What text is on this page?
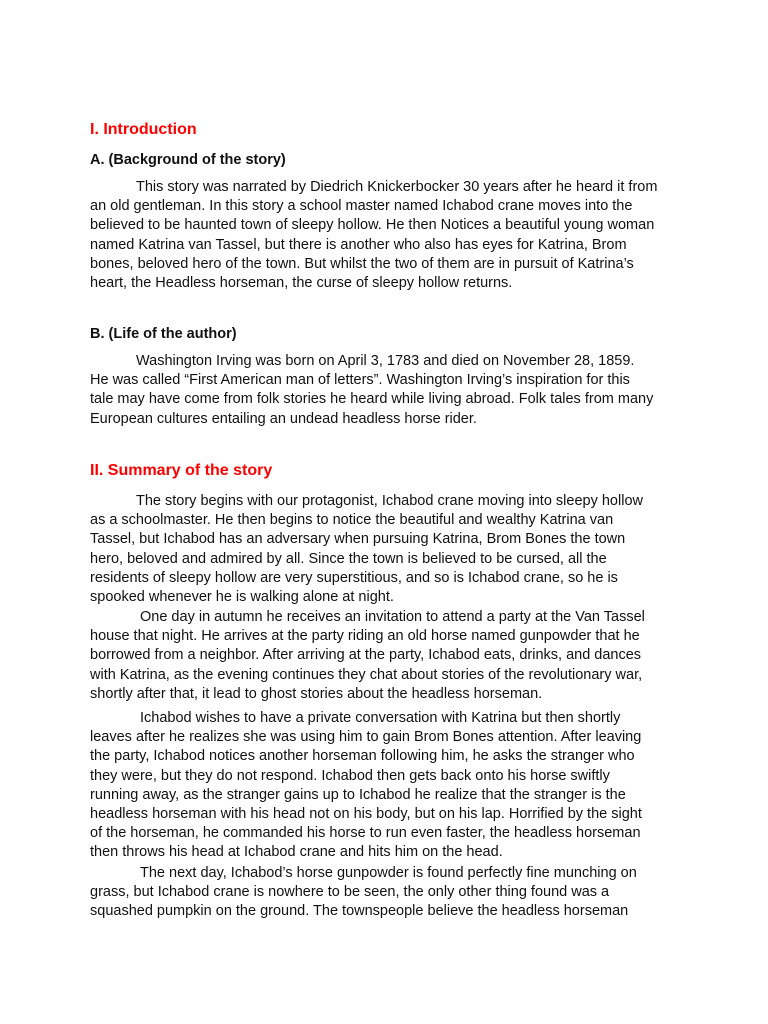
I. Introduction
A. (Background of the story)
This story was narrated by Diedrich Knickerbocker 30 years after he heard it from
an old gentleman. In this story a school master named Ichabod crane moves into the
believed to be haunted town of sleepy hollow. He then Notices a beautiful young woman
named Katrina van Tassel, but there is another who also has eyes for Katrina, Brom
bones, beloved hero of the town. But whilst the two of them are in pursuit of Katrina’s
heart, the Headless horseman, the curse of sleepy hollow returns.
B. (Life of the author)
Washington Irving was born on April 3, 1783 and died on November 28, 1859.
He was called “First American man of letters”. Washington Irving’s inspiration for this
tale may have come from folk stories he heard while living abroad. Folk tales from many
European cultures entailing an undead headless horse rider.
II. Summary of the story
The story begins with our protagonist, Ichabod crane moving into sleepy hollow
as a schoolmaster. He then begins to notice the beautiful and wealthy Katrina van
Tassel, but Ichabod has an adversary when pursuing Katrina, Brom Bones the town
hero, beloved and admired by all. Since the town is believed to be cursed, all the
residents of sleepy hollow are very superstitious, and so is Ichabod crane, so he is
spooked whenever he is walking alone at night.
One day in autumn he receives an invitation to attend a party at the Van Tassel
house that night. He arrives at the party riding an old horse named gunpowder that he
borrowed from a neighbor. After arriving at the party, Ichabod eats, drinks, and dances
with Katrina, as the evening continues they chat about stories of the revolutionary war,
shortly after that, it lead to ghost stories about the headless horseman.
Ichabod wishes to have a private conversation with Katrina but then shortly
leaves after he realizes she was using him to gain Brom Bones attention. After leaving
the party, Ichabod notices another horseman following him, he asks the stranger who
they were, but they do not respond. Ichabod then gets back onto his horse swiftly
running away, as the stranger gains up to Ichabod he realize that the stranger is the
headless horseman with his head not on his body, but on his lap. Horrified by the sight
of the horseman, he commanded his horse to run even faster, the headless horseman
then throws his head at Ichabod crane and hits him on the head.
The next day, Ichabod’s horse gunpowder is found perfectly fine munching on
grass, but Ichabod crane is nowhere to be seen, the only other thing found was a
squashed pumpkin on the ground. The townspeople believe the headless horseman
